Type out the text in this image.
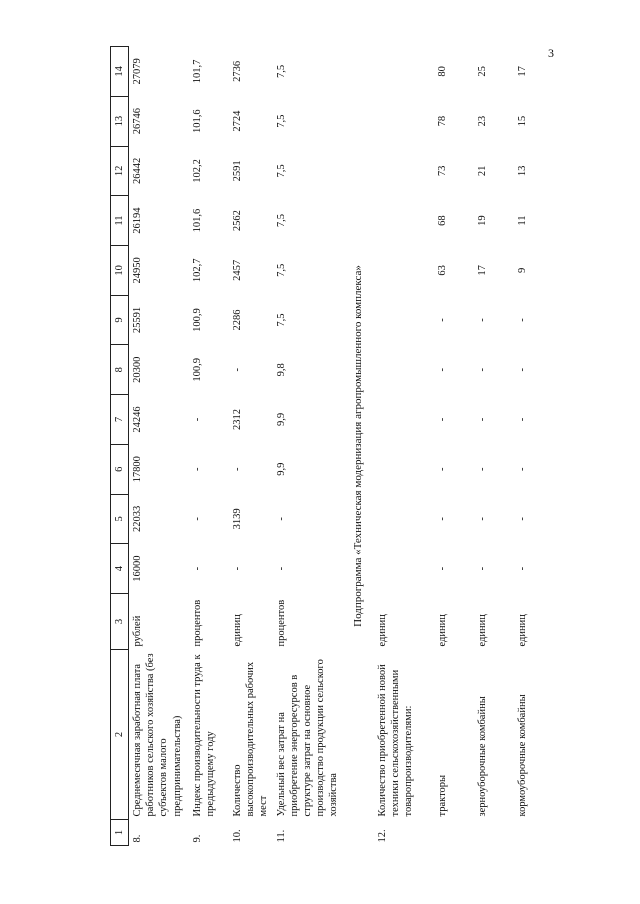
3
1	2	3	4	5	6	7	8	9	10	11	12	13	14
8.	Среднемесячная заработная плата работников сельского хозяйства (без субъектов малого предпринимательства)	рублей	16000	22033	17800	24246	20300	25591	24950	26194	26442	26746	27079
9.	Индекс производительности труда к предыдущему году	процентов	-	-	-	-	100,9	100,9	102,7	101,6	102,2	101,6	101,7
10.	Количество высокопроизводительных рабочих мест	единиц	-	3139	-	2312	-	2286	2457	2562	2591	2724	2736
11.	Удельный вес затрат на приобретение энергоресурсов в структуре затрат на основное производство продукции сельского хозяйства	процентов	-	-	9,9	9,9	9,8	7,5	7,5	7,5	7,5	7,5	7,5
Подпрограмма «Техническая модернизация агропромышленного комплекса»													
12.	Количество приобретенной новой техники сельскохозяйственными товаропроизводителями:	единиц											
	тракторы	единиц	-	-	-	-	-	-	63	68	73	78	80
	зерноуборочные комбайны	единиц	-	-	-	-	-	-	17	19	21	23	25
	кормоуборочные комбайны	единиц	-	-	-	-	-	-	9	11	13	15	17
